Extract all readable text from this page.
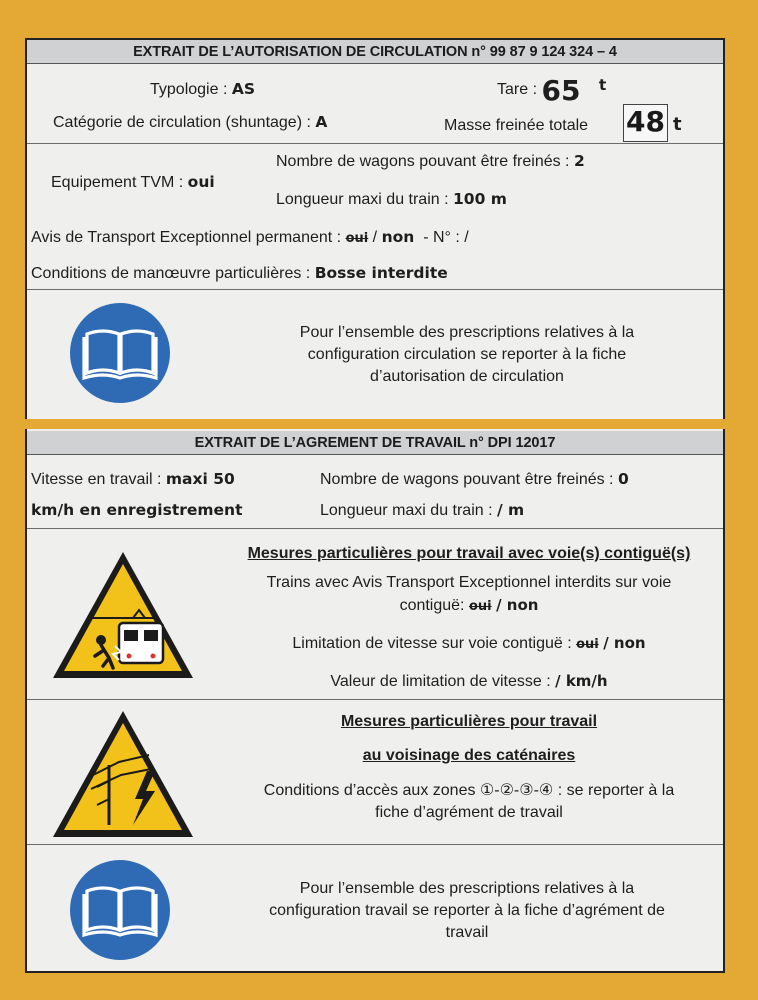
EXTRAIT DE L’AUTORISATION DE CIRCULATION n° 99 87 9 124 324 – 4
Typologie : AS	Tare : 65 t
Catégorie de circulation (shuntage) : A	Masse freinée totale 48 t
Nombre de wagons pouvant être freinés : 2
Equipement TVM : oui
Longueur maxi du train : 100 m
Avis de Transport Exceptionnel permanent : oui / non - N° : /
Conditions de manœuvre particulières : Bosse interdite
Pour l’ensemble des prescriptions relatives à la
configuration circulation se reporter à la fiche
d’autorisation de circulation
EXTRAIT DE L’AGREMENT DE TRAVAIL n° DPI 12017
Vitesse en travail : maxi 50
km/h en enregistrement
Nombre de wagons pouvant être freinés : 0
Longueur maxi du train : / m
Mesures particulières pour travail avec voie(s) contiguë(s)
Trains avec Avis Transport Exceptionnel interdits sur voie
contiguë: oui / non
Limitation de vitesse sur voie contiguë : oui / non
Valeur de limitation de vitesse : / km/h
Mesures particulières pour travail
au voisinage des caténaires
Conditions d’accès aux zones ①-②-③-④ : se reporter à la
fiche d’agrément de travail
Pour l’ensemble des prescriptions relatives à la
configuration travail se reporter à la fiche d’agrément de
travail
